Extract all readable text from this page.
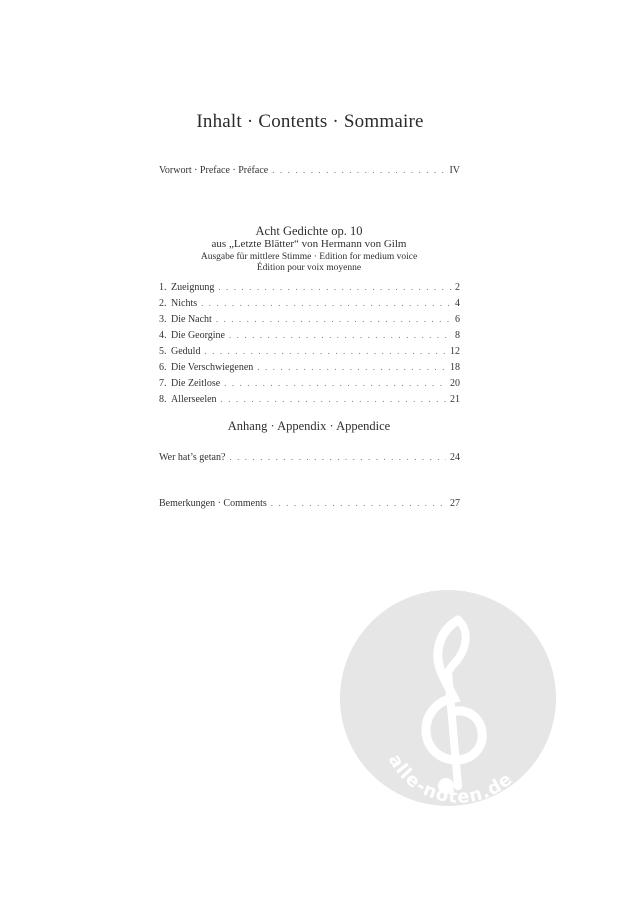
Inhalt · Contents · Sommaire
Vorwort · Preface · Préface . . .	IV
Acht Gedichte op. 10
aus „Letzte Blätter“ von Hermann von Gilm
Ausgabe für mittlere Stimme · Edition for medium voice
Édition pour voix moyenne
1. Zueignung . . .	2
2. Nichts . . .	4
3. Die Nacht . . .	6
4. Die Georgine . . .	8
5. Geduld . . .	12
6. Die Verschwiegenen . . .	18
7. Die Zeitlose . . .	20
8. Allerseelen . . .	21
Anhang · Appendix · Appendice
Wer hat’s getan? . . .	24
Bemerkungen · Comments . . .	27
alle-noten.de
